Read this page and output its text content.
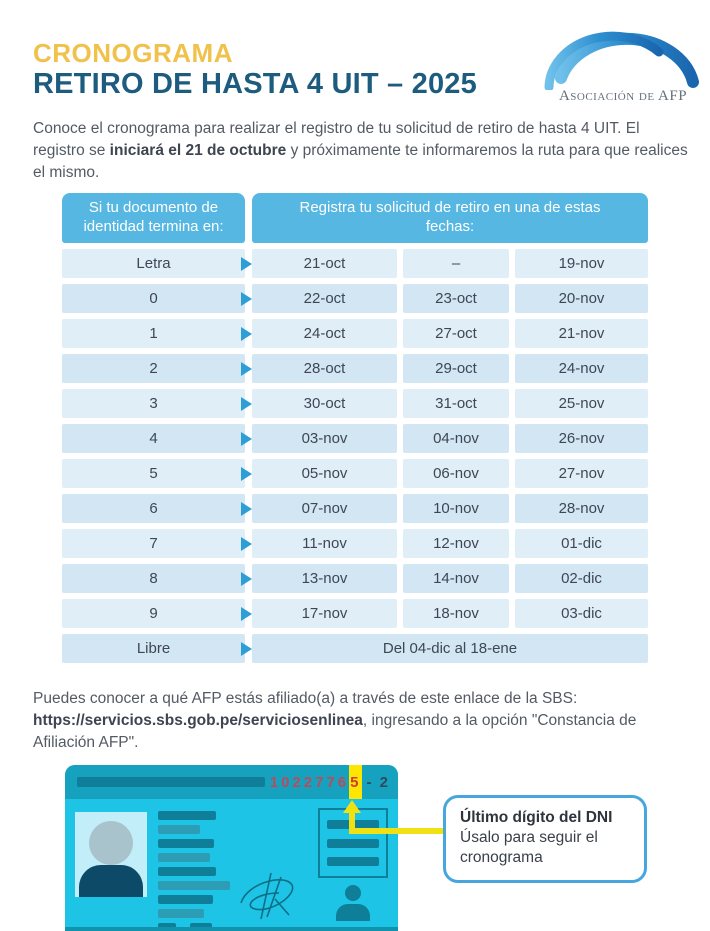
CRONOGRAMA
RETIRO DE HASTA 4 UIT – 2025	Asociación de AFP

Conoce el cronograma para realizar el registro de tu solicitud de retiro de hasta 4 UIT. El registro se iniciará el 21 de octubre y próximamente te informaremos la ruta para que realices el mismo.

Si tu documento de identidad termina en:
Registra tu solicitud de retiro en una de estas fechas:
Letra	21-oct	–	19-nov
0	22-oct	23-oct	20-nov
1	24-oct	27-oct	21-nov
2	28-oct	29-oct	24-nov
3	30-oct	31-oct	25-nov
4	03-nov	04-nov	26-nov
5	05-nov	06-nov	27-nov
6	07-nov	10-nov	28-nov
7	11-nov	12-nov	01-dic
8	13-nov	14-nov	02-dic
9	17-nov	18-nov	03-dic
Libre	Del 04-dic al 18-ene

Puedes conocer a qué AFP estás afiliado(a) a través de este enlace de la SBS: https://servicios.sbs.gob.pe/serviciosenlinea, ingresando a la opción "Constancia de Afiliación AFP".

1022776 5 - 2
Último dígito del DNI
Úsalo para seguir el cronograma
